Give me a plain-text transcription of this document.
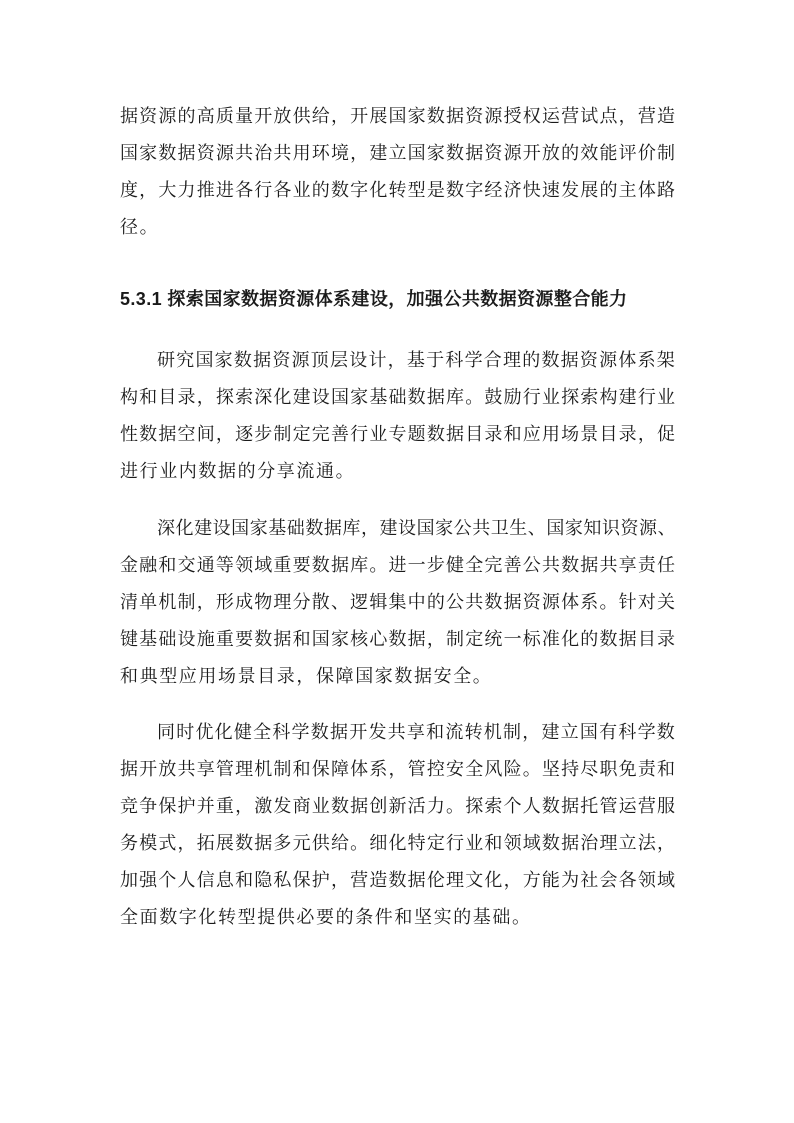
据资源的高质量开放供给，开展国家数据资源授权运营试点，营造
国家数据资源共治共用环境，建立国家数据资源开放的效能评价制
度，大力推进各行各业的数字化转型是数字经济快速发展的主体路
径。
5.3.1 探索国家数据资源体系建设，加强公共数据资源整合能力
研究国家数据资源顶层设计，基于科学合理的数据资源体系架
构和目录，探索深化建设国家基础数据库。鼓励行业探索构建行业
性数据空间，逐步制定完善行业专题数据目录和应用场景目录，促
进行业内数据的分享流通。
深化建设国家基础数据库，建设国家公共卫生、国家知识资源、
金融和交通等领域重要数据库。进一步健全完善公共数据共享责任
清单机制，形成物理分散、逻辑集中的公共数据资源体系。针对关
键基础设施重要数据和国家核心数据，制定统一标准化的数据目录
和典型应用场景目录，保障国家数据安全。
同时优化健全科学数据开发共享和流转机制，建立国有科学数
据开放共享管理机制和保障体系，管控安全风险。坚持尽职免责和
竞争保护并重，激发商业数据创新活力。探索个人数据托管运营服
务模式，拓展数据多元供给。细化特定行业和领域数据治理立法，
加强个人信息和隐私保护，营造数据伦理文化，方能为社会各领域
全面数字化转型提供必要的条件和坚实的基础。
